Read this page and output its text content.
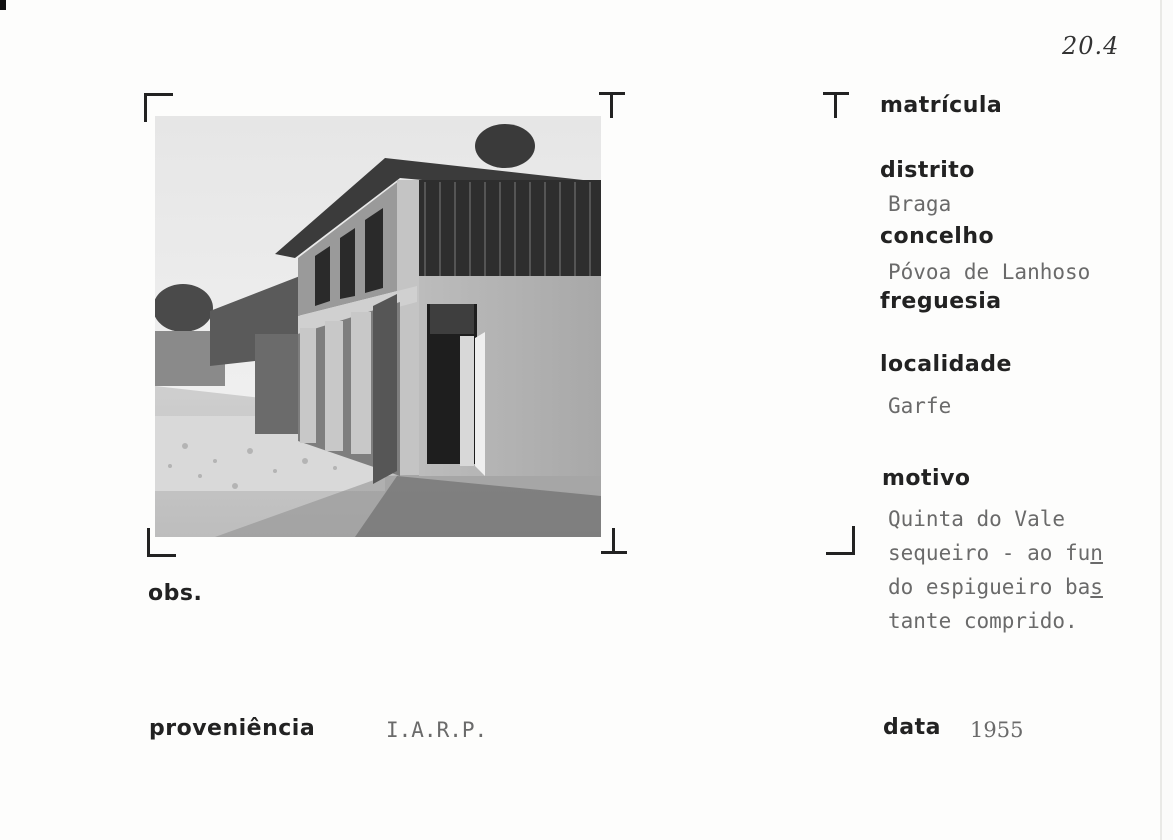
20.4
matrícula
distrito
Braga
concelho
Póvoa de Lanhoso
freguesia
localidade
Garfe
motivo
Quinta do Vale
sequeiro - ao fun
do espigueiro bas
tante comprido.
obs.
proveniência	I.A.R.P.	data 1955
